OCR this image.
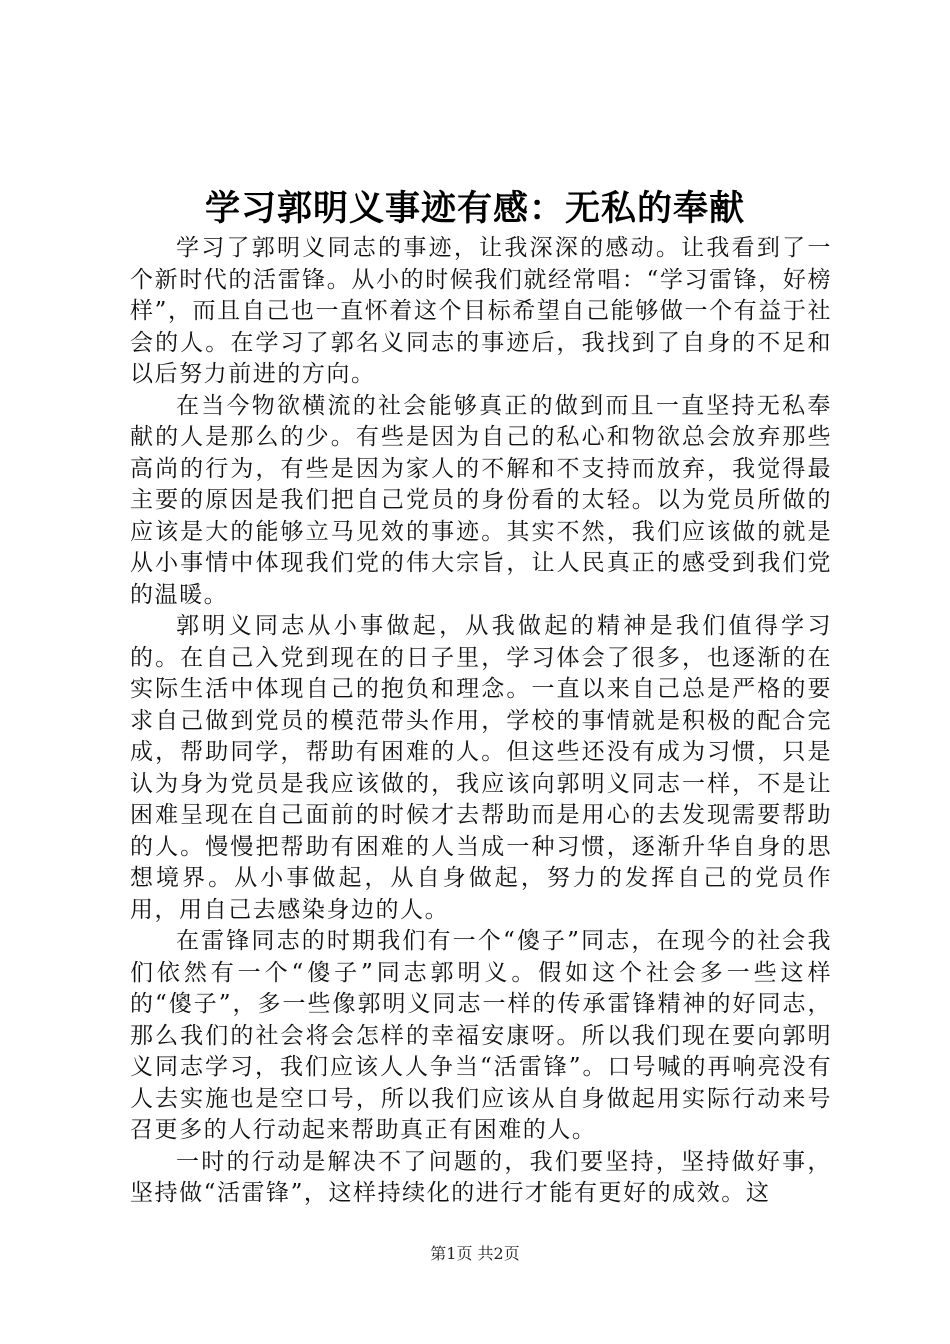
学习郭明义事迹有感：无私的奉献

学习了郭明义同志的事迹，让我深深的感动。让我看到了一个新时代的活雷锋。从小的时候我们就经常唱：“学习雷锋，好榜样”，而且自己也一直怀着这个目标希望自己能够做一个有益于社会的人。在学习了郭名义同志的事迹后，我找到了自身的不足和以后努力前进的方向。

在当今物欲横流的社会能够真正的做到而且一直坚持无私奉献的人是那么的少。有些是因为自己的私心和物欲总会放弃那些高尚的行为，有些是因为家人的不解和不支持而放弃，我觉得最主要的原因是我们把自己党员的身份看的太轻。以为党员所做的应该是大的能够立马见效的事迹。其实不然，我们应该做的就是从小事情中体现我们党的伟大宗旨，让人民真正的感受到我们党的温暖。

郭明义同志从小事做起，从我做起的精神是我们值得学习的。在自己入党到现在的日子里，学习体会了很多，也逐渐的在实际生活中体现自己的抱负和理念。一直以来自己总是严格的要求自己做到党员的模范带头作用，学校的事情就是积极的配合完成，帮助同学，帮助有困难的人。但这些还没有成为习惯，只是认为身为党员是我应该做的，我应该向郭明义同志一样，不是让困难呈现在自己面前的时候才去帮助而是用心的去发现需要帮助的人。慢慢把帮助有困难的人当成一种习惯，逐渐升华自身的思想境界。从小事做起，从自身做起，努力的发挥自己的党员作用，用自己去感染身边的人。

在雷锋同志的时期我们有一个“傻子”同志，在现今的社会我们依然有一个“傻子”同志郭明义。假如这个社会多一些这样的“傻子”，多一些像郭明义同志一样的传承雷锋精神的好同志，那么我们的社会将会怎样的幸福安康呀。所以我们现在要向郭明义同志学习，我们应该人人争当“活雷锋”。口号喊的再响亮没有人去实施也是空口号，所以我们应该从自身做起用实际行动来号召更多的人行动起来帮助真正有困难的人。

一时的行动是解决不了问题的，我们要坚持，坚持做好事，坚持做“活雷锋”，这样持续化的进行才能有更好的成效。这

第1页 共2页
